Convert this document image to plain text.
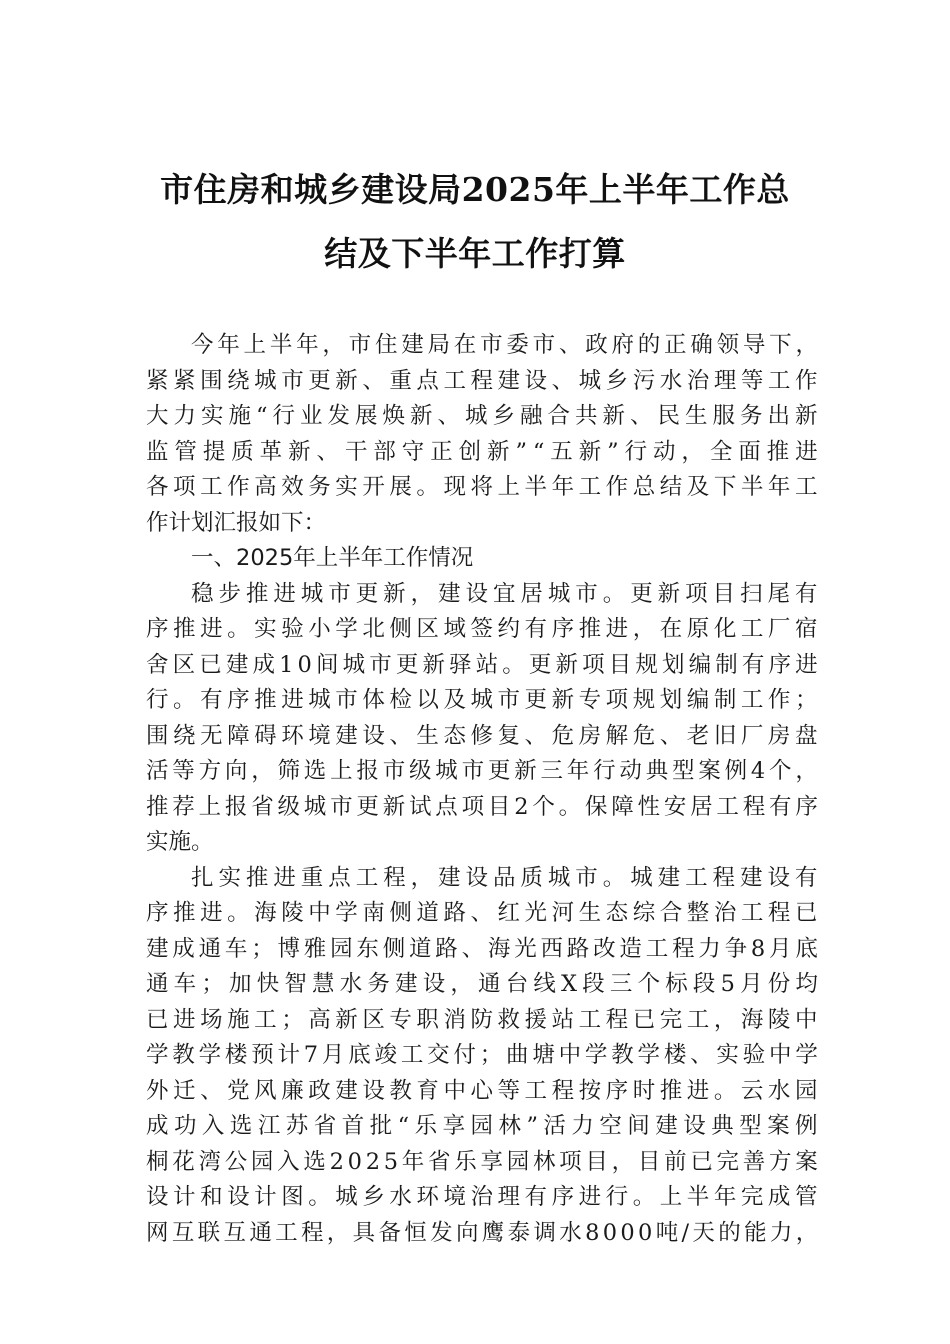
市住房和城乡建设局2025年上半年工作总
结及下半年工作打算
今年上半年，市住建局在市委市、政府的正确领导下，
紧紧围绕城市更新、重点工程建设、城乡污水治理等工作
大力实施“行业发展焕新、城乡融合共新、民生服务出新
监管提质革新、干部守正创新”“五新”行动，全面推进
各项工作高效务实开展。现将上半年工作总结及下半年工
作计划汇报如下：
一、2025年上半年工作情况
稳步推进城市更新，建设宜居城市。更新项目扫尾有
序推进。实验小学北侧区域签约有序推进，在原化工厂宿
舍区已建成10间城市更新驿站。更新项目规划编制有序进
行。有序推进城市体检以及城市更新专项规划编制工作；
围绕无障碍环境建设、生态修复、危房解危、老旧厂房盘
活等方向，筛选上报市级城市更新三年行动典型案例4个，
推荐上报省级城市更新试点项目2个。保障性安居工程有序
实施。
扎实推进重点工程，建设品质城市。城建工程建设有
序推进。海陵中学南侧道路、红光河生态综合整治工程已
建成通车；博雅园东侧道路、海光西路改造工程力争8月底
通车；加快智慧水务建设，通台线X段三个标段5月份均
已进场施工；高新区专职消防救援站工程已完工，海陵中
学教学楼预计7月底竣工交付；曲塘中学教学楼、实验中学
外迁、党风廉政建设教育中心等工程按序时推进。云水园
成功入选江苏省首批“乐享园林”活力空间建设典型案例
桐花湾公园入选2025年省乐享园林项目，目前已完善方案
设计和设计图。城乡水环境治理有序进行。上半年完成管
网互联互通工程，具备恒发向鹰泰调水8000吨/天的能力，
